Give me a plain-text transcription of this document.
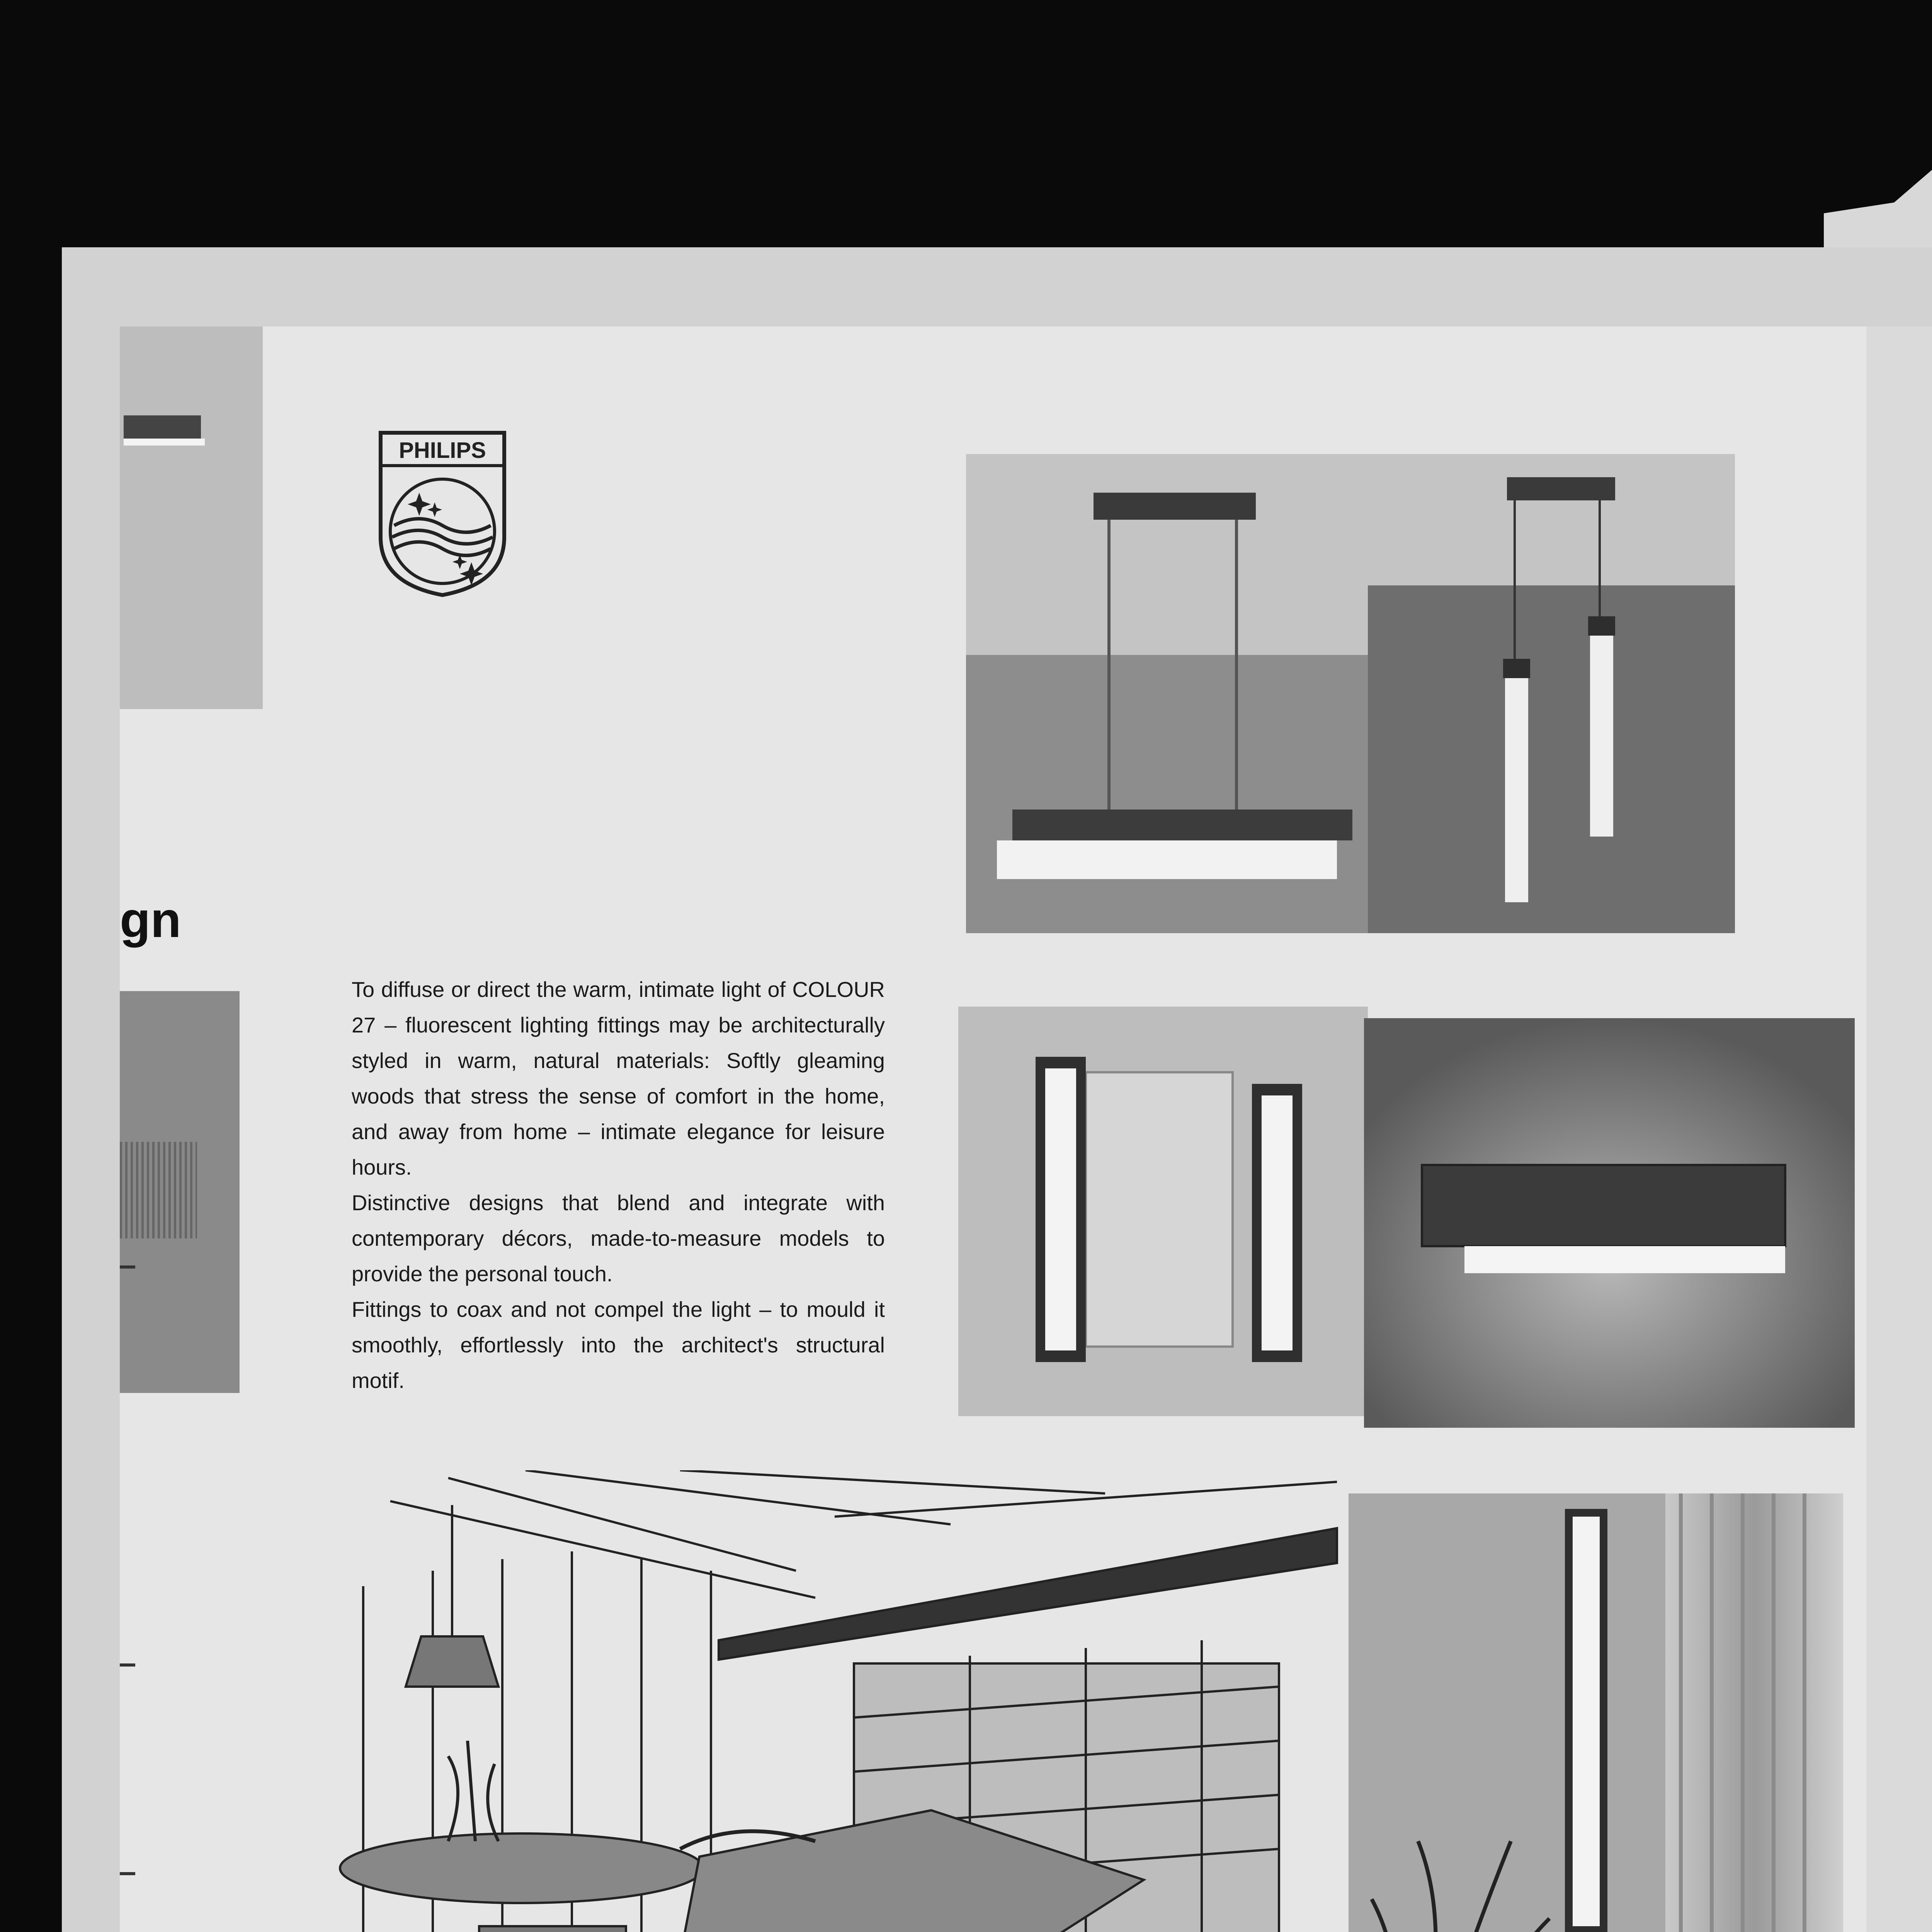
gn
PHILIPS

To diffuse or direct the warm, intimate light of COLOUR 27 – fluorescent lighting fittings may be architecturally styled in warm, natural materials: Softly gleaming woods that stress the sense of comfort in the home, and away from home – intimate elegance for leisure hours.

Distinctive designs that blend and integrate with contemporary décors, made-to-measure models to provide the personal touch.

Fittings to coax and not compel the light – to mould it smoothly, effortlessly into the architect's structural motif.
